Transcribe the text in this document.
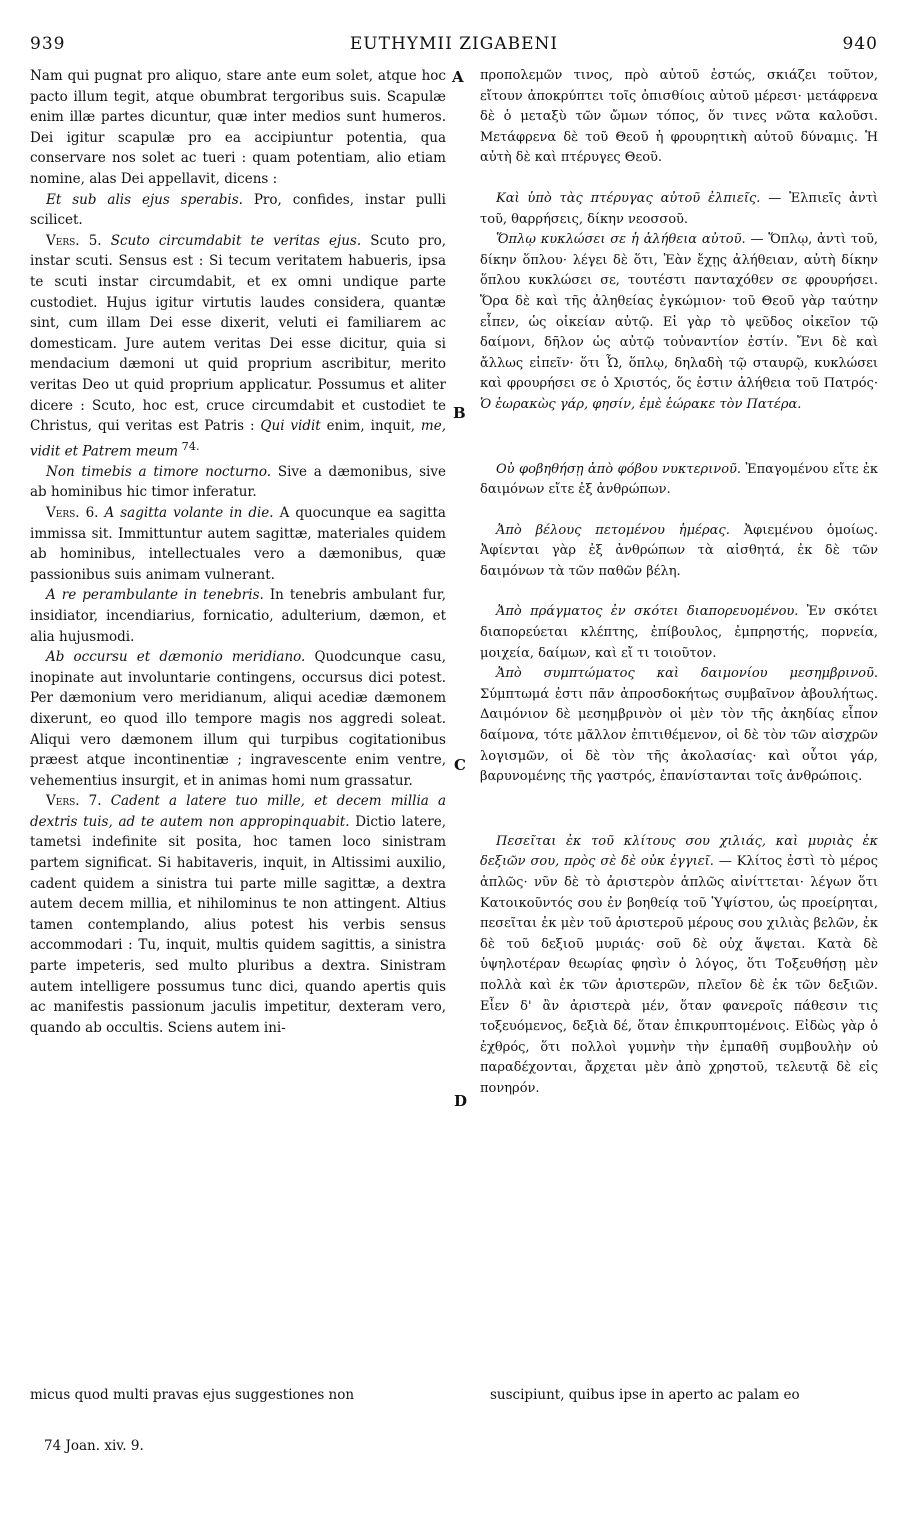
939	EUTHYMII ZIGABENI	940
A
B
C
D

Nam qui pugnat pro aliquo, stare ante eum solet, atque hoc pacto illum tegit, atque obumbrat tergoribus suis. Scapulæ enim illæ partes dicuntur, quæ inter medios sunt humeros. Dei igitur scapulæ pro ea accipiuntur potentia, qua conservare nos solet ac tueri : quam potentiam, alio etiam nomine, alas Dei appellavit, dicens :

Et sub alis ejus sperabis. Pro, confides, instar pulli scilicet.

Vers. 5. Scuto circumdabit te veritas ejus. Scuto pro, instar scuti. Sensus est : Si tecum veritatem habueris, ipsa te scuti instar circumdabit, et ex omni undique parte custodiet. Hujus igitur virtutis laudes considera, quantæ sint, cum illam Dei esse dixerit, veluti ei familiarem ac domesticam. Jure autem veritas Dei esse dicitur, quia si mendacium dæmoni ut quid proprium ascribitur, merito veritas Deo ut quid proprium applicatur. Possumus et aliter dicere : Scuto, hoc est, cruce circumdabit et custodiet te Christus, qui veritas est Patris : Qui vidit enim, inquit, me, vidit et Patrem meum $^{74.}$

Non timebis a timore nocturno. Sive a dæmonibus, sive ab hominibus hic timor inferatur.

Vers. 6. A sagitta volante in die. A quocunque ea sagitta immissa sit. Immittuntur autem sagittæ, materiales quidem ab hominibus, intellectuales vero a dæmonibus, quæ passionibus suis animam vulnerant.

A re perambulante in tenebris. In tenebris ambulant fur, insidiator, incendiarius, fornicatio, adulterium, dæmon, et alia hujusmodi.

Ab occursu et dæmonio meridiano. Quodcunque casu, inopinate aut involuntarie contingens, occursus dici potest. Per dæmonium vero meridianum, aliqui acediæ dæmonem dixerunt, eo quod illo tempore magis nos aggredi soleat. Aliqui vero dæmonem illum qui turpibus cogitationibus præest atque incontinentiæ ; ingravescente enim ventre, vehementius insurgit, et in animas homi num grassatur.

Vers. 7. Cadent a latere tuo mille, et decem millia a dextris tuis, ad te autem non appropinquabit. Dictio latere, tametsi indefinite sit posita, hoc tamen loco sinistram partem significat. Si habitaveris, inquit, in Altissimi auxilio, cadent quidem a sinistra tui parte mille sagittæ, a dextra autem decem millia, et nihilominus te non attingent. Altius tamen contemplando, alius potest his verbis sensus accommodari : Tu, inquit, multis quidem sagittis, a sinistra parte impeteris, sed multo pluribus a dextra. Sinistram autem intelligere possumus tunc dici, quando apertis quis ac manifestis passionum jaculis impetitur, dexteram vero, quando ab occultis. Sciens autem ini-

προπολεμῶν τινος, πρὸ αὐτοῦ ἐστώς, σκιάζει τοῦτον, εἴτουν ἀποκρύπτει τοῖς ὀπισθίοις αὐτοῦ μέρεσι· μετάφρενα δὲ ὁ μεταξὺ τῶν ὤμων τόπος, ὅν τινες νῶτα καλοῦσι. Μετάφρενα δὲ τοῦ Θεοῦ ἡ φρουρητικὴ αὐτοῦ δύναμις. Ἡ αὐτὴ δὲ καὶ πτέρυγες Θεοῦ.

Καὶ ὑπὸ τὰς πτέρυγας αὐτοῦ ἐλπιεῖς. — Ἐλπιεῖς ἀντὶ τοῦ, θαρρήσεις, δίκην νεοσσοῦ.

Ὅπλῳ κυκλώσει σε ἡ ἀλήθεια αὐτοῦ. — Ὅπλῳ, ἀντὶ τοῦ, δίκην ὅπλου· λέγει δὲ ὅτι, Ἐὰν ἔχῃς ἀλήθειαν, αὐτὴ δίκην ὅπλου κυκλώσει σε, τουτέστι πανταχόθεν σε φρουρήσει. Ὅρα δὲ καὶ τῆς ἀληθείας ἐγκώμιον· τοῦ Θεοῦ γὰρ ταύτην εἶπεν, ὡς οἰκείαν αὐτῷ. Εἰ γὰρ τὸ ψεῦδος οἰκεῖον τῷ δαίμονι, δῆλον ὡς αὐτῷ τοὐναντίον ἐστίν. Ἔνι δὲ καὶ ἄλλως εἰπεῖν· ὅτι Ὦ, ὅπλῳ, δηλαδὴ τῷ σταυρῷ, κυκλώσει καὶ φρουρήσει σε ὁ Χριστός, ὅς ἐστιν ἀλήθεια τοῦ Πατρός· Ὁ ἑωρακὼς γάρ, φησίν, ἐμὲ ἑώρακε τὸν Πατέρα.

Οὐ φοβηθήσῃ ἀπὸ φόβου νυκτερινοῦ. Ἐπαγομένου εἴτε ἐκ δαιμόνων εἴτε ἐξ ἀνθρώπων.

Ἀπὸ βέλους πετομένου ἡμέρας. Ἀφιεμένου ὁμοίως. Ἀφίενται γὰρ ἐξ ἀνθρώπων τὰ αἰσθητά, ἐκ δὲ τῶν δαιμόνων τὰ τῶν παθῶν βέλη.

Ἀπὸ πράγματος ἐν σκότει διαπορευομένου. Ἐν σκότει διαπορεύεται κλέπτης, ἐπίβουλος, ἐμπρηστής, πορνεία, μοιχεία, δαίμων, καὶ εἴ τι τοιοῦτον.

Ἀπὸ συμπτώματος καὶ δαιμονίου μεσημβρινοῦ. Σύμπτωμά ἐστι πᾶν ἀπροσδοκήτως συμβαῖνον ἀβουλήτως. Δαιμόνιον δὲ μεσημβρινὸν οἱ μὲν τὸν τῆς ἀκηδίας εἶπον δαίμονα, τότε μᾶλλον ἐπιτιθέμενον, οἱ δὲ τὸν τῶν αἰσχρῶν λογισμῶν, οἱ δὲ τὸν τῆς ἀκολασίας· καὶ οὗτοι γάρ, βαρυνομένης τῆς γαστρός, ἐπανίστανται τοῖς ἀνθρώποις.

Πεσεῖται ἐκ τοῦ κλίτους σου χιλιάς, καὶ μυριὰς ἐκ δεξιῶν σου, πρὸς σὲ δὲ οὐκ ἐγγιεῖ. — Κλίτος ἐστὶ τὸ μέρος ἁπλῶς· νῦν δὲ τὸ ἀριστερὸν ἁπλῶς αἰνίττεται· λέγων ὅτι Κατοικοῦντός σου ἐν βοηθείᾳ τοῦ Ὑψίστου, ὡς προείρηται, πεσεῖται ἐκ μὲν τοῦ ἀριστεροῦ μέρους σου χιλιὰς βελῶν, ἐκ δὲ τοῦ δεξιοῦ μυριάς· σοῦ δὲ οὐχ ἅψεται. Κατὰ δὲ ὑψηλοτέραν θεωρίας φησὶν ὁ λόγος, ὅτι Τοξευθήσῃ μὲν πολλὰ καὶ ἐκ τῶν ἀριστερῶν, πλεῖον δὲ ἐκ τῶν δεξιῶν. Εἶεν δ' ἂν ἀριστερὰ μέν, ὅταν φανεροῖς πάθεσιν τις τοξευόμενος, δεξιὰ δέ, ὅταν ἐπικρυπτομένοις. Εἰδὼς γὰρ ὁ ἐχθρός, ὅτι πολλοὶ γυμνὴν τὴν ἐμπαθῆ συμβουλὴν οὐ παραδέχονται, ἄρχεται μὲν ἀπὸ χρηστοῦ, τελευτᾷ δὲ εἰς πονηρόν.

micus quod multi pravas ejus suggestiones non	suscipiunt, quibus ipse in aperto ac palam eo
74 Joan. xiv. 9.
